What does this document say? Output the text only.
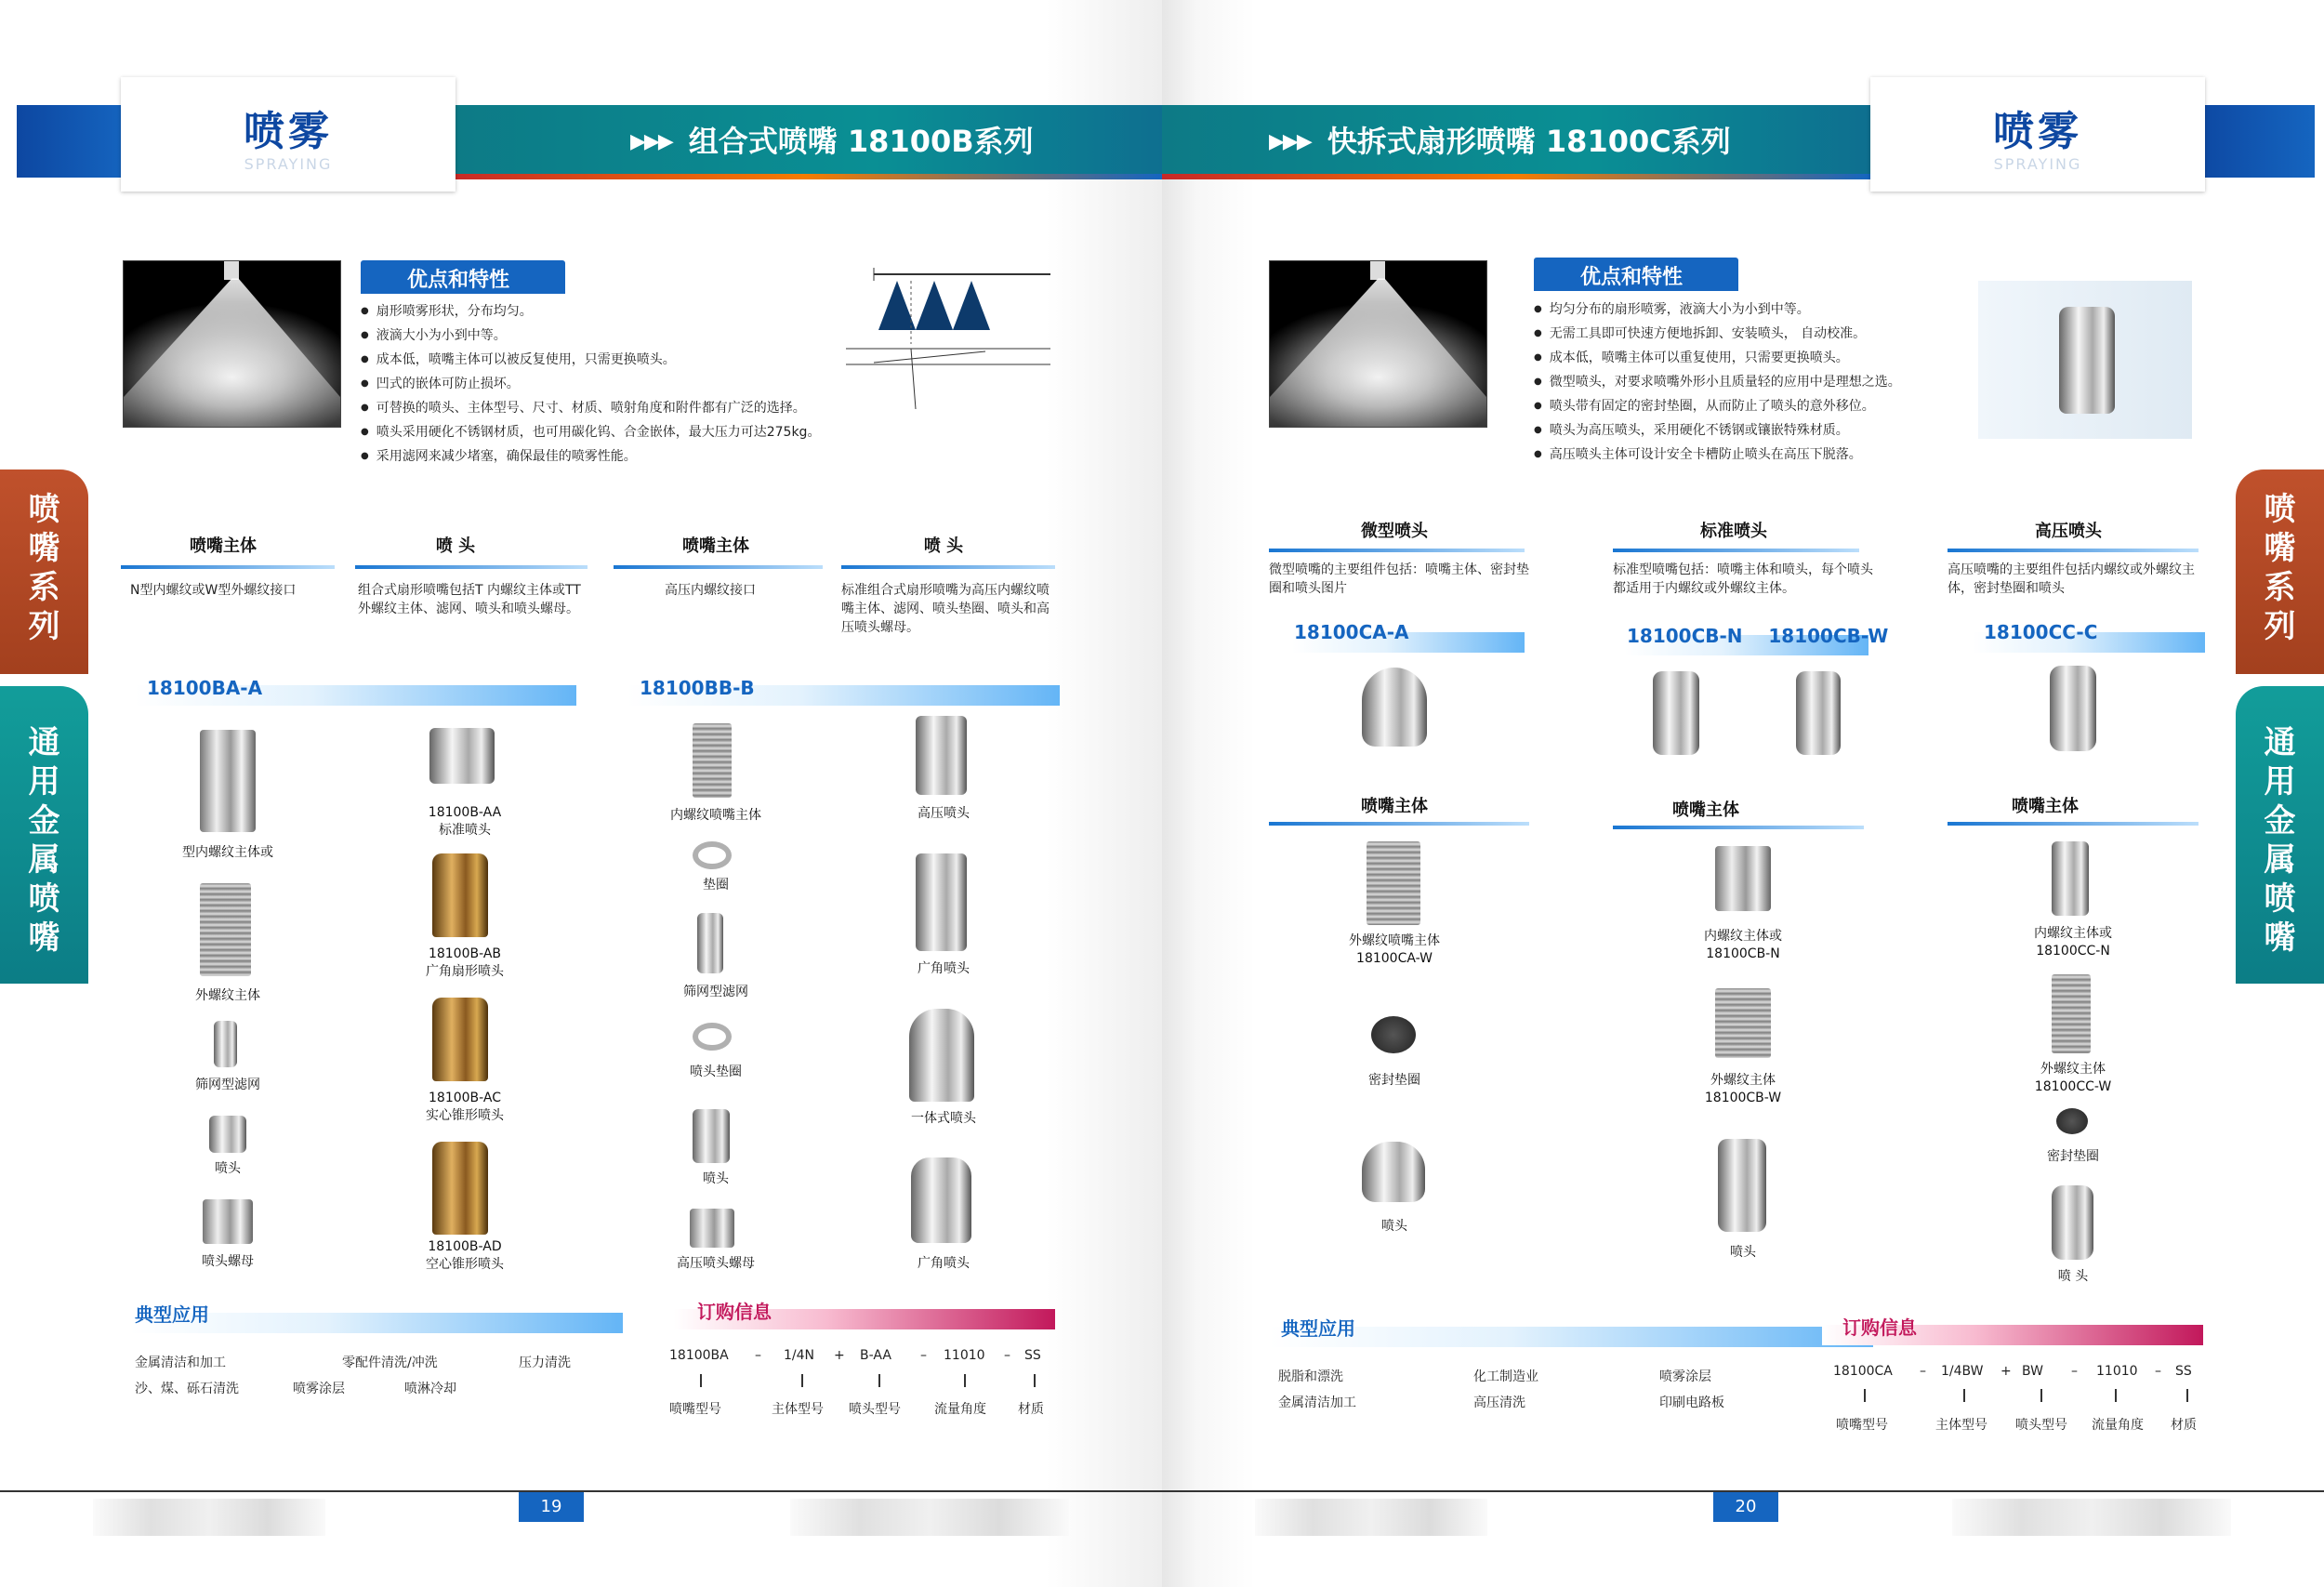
喷雾
SPRAYING
▶▶▶ 组合式喷嘴 18100B系列
喷嘴系列
通用金属喷嘴
优点和特性
● 扇形喷雾形状，分布均匀。
● 液滴大小为小到中等。
● 成本低，喷嘴主体可以被反复使用，只需更换喷头。
● 凹式的嵌体可防止损坏。
● 可替换的喷头、主体型号、尺寸、材质、喷射角度和附件都有广泛的选择。
● 喷头采用硬化不锈钢材质，也可用碳化钨、合金嵌体，最大压力可达275kg。
● 采用滤网来减少堵塞，确保最佳的喷雾性能。
喷嘴主体	喷 头	喷嘴主体	喷 头
N型内螺纹或W型外螺纹接口	组合式扇形喷嘴包括T 内螺纹主体或TT 外螺纹主体、滤网、喷头和喷头螺母。
高压内螺纹接口	标准组合式扇形喷嘴为高压内螺纹喷嘴主体、滤网、喷头垫圈、喷头和高压喷头螺母。
18100BA-A	18100BB-B
型内螺纹主体或
外螺纹主体
筛网型滤网
喷头
喷头螺母
18100B-AA
标准喷头
18100B-AB
广角扇形喷头
18100B-AC
实心锥形喷头
18100B-AD
空心锥形喷头
内螺纹喷嘴主体
垫圈
筛网型滤网
喷头垫圈
喷头
高压喷头螺母
高压喷头
广角喷头
一体式喷头
广角喷头
典型应用
金属清洁和加工	零配件清洗/冲洗	压力清洗
沙、煤、砾石清洗	喷雾涂层	喷淋冷却
订购信息
18100BA – 1/4N + B-AA – 11010 – SS
喷嘴型号	主体型号 喷头型号	流量角度 材质
19
喷雾
SPRAYING
▶▶▶ 快拆式扇形喷嘴 18100C系列
喷嘴系列
通用金属喷嘴
优点和特性
● 均匀分布的扇形喷雾，液滴大小为小到中等。
● 无需工具即可快速方便地拆卸、安装喷头， 自动校准。
● 成本低，喷嘴主体可以重复使用，只需要更换喷头。
● 微型喷头，对要求喷嘴外形小且质量轻的应用中是理想之选。
● 喷头带有固定的密封垫圈，从而防止了喷头的意外移位。
● 喷头为高压喷头，采用硬化不锈钢或镶嵌特殊材质。
● 高压喷头主体可设计安全卡槽防止喷头在高压下脱落。
微型喷头	标准喷头	高压喷头
微型喷嘴的主要组件包括：喷嘴主体、密封垫圈和喷头图片
标准型喷嘴包括：喷嘴主体和喷头，每个喷头都适用于内螺纹或外螺纹主体。
高压喷嘴的主要组件包括内螺纹或外螺纹主体，密封垫圈和喷头
18100CA-A	18100CB-N    18100CB-W	18100CC-C
喷嘴主体	喷嘴主体	喷嘴主体
外螺纹喷嘴主体
18100CA-W
密封垫圈
喷头
内螺纹主体或
18100CB-N
外螺纹主体
18100CB-W
喷头
内螺纹主体或
18100CC-N
外螺纹主体
18100CC-W
密封垫圈
喷 头
典型应用
脱脂和漂洗	化工制造业	喷雾涂层
金属清洁加工	高压清洗	印刷电路板
订购信息
18100CA – 1/4BW + BW – 11010 – SS
喷嘴型号	主体型号 喷头型号 流量角度 材质
20
